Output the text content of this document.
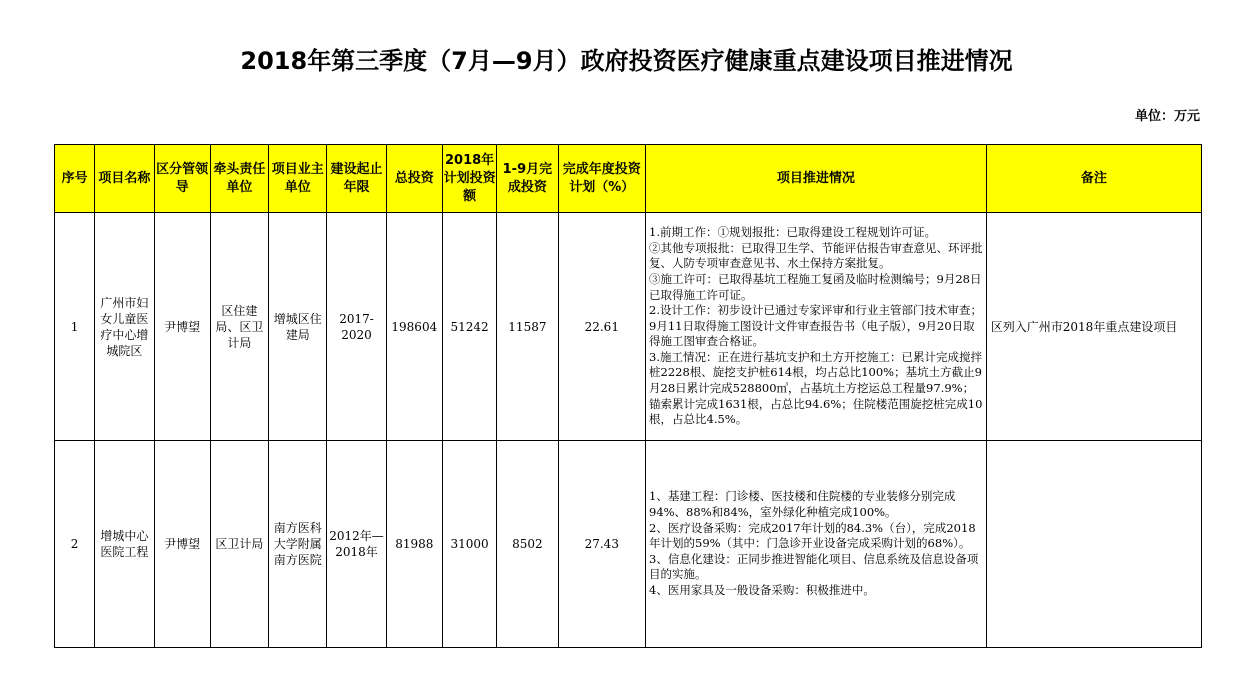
2018年第三季度（7月—9月）政府投资医疗健康重点建设项目推进情况
单位：万元
序号	项目名称	区分管领导	牵头责任单位	项目业主单位	建设起止年限	总投资	2018年计划投资额	1-9月完成投资	完成年度投资计划（%）	项目推进情况	备注
1	广州市妇女儿童医疗中心增城院区	尹博望	区住建局、区卫计局	增城区住建局	2017-2020	198604	51242	11587	22.61	1.前期工作：①规划报批：已取得建设工程规划许可证。
②其他专项报批：已取得卫生学、节能评估报告审查意见、环评批复、人防专项审查意见书、水土保持方案批复。
③施工许可：已取得基坑工程施工复函及临时检测编号；9月28日已取得施工许可证。
2.设计工作：初步设计已通过专家评审和行业主管部门技术审查；9月11日取得施工图设计文件审查报告书（电子版），9月20日取得施工图审查合格证。
3.施工情况：正在进行基坑支护和土方开挖施工：已累计完成搅拌桩2228根、旋挖支护桩614根，均占总比100%；基坑土方截止9月28日累计完成528800㎥，占基坑土方挖运总工程量97.9%；锚索累计完成1631根，占总比94.6%；住院楼范围旋挖桩完成10根，占总比4.5%。	区列入广州市2018年重点建设项目
2	增城中心医院工程	尹博望	区卫计局	南方医科大学附属南方医院	2012年—2018年	81988	31000	8502	27.43	1、基建工程：门诊楼、医技楼和住院楼的专业装修分别完成94%、88%和84%，室外绿化种植完成100%。
2、医疗设备采购：完成2017年计划的84.3%（台），完成2018年计划的59%（其中：门急诊开业设备完成采购计划的68%）。
3、信息化建设：正同步推进智能化项目、信息系统及信息设备项目的实施。
4、医用家具及一般设备采购：积极推进中。	
